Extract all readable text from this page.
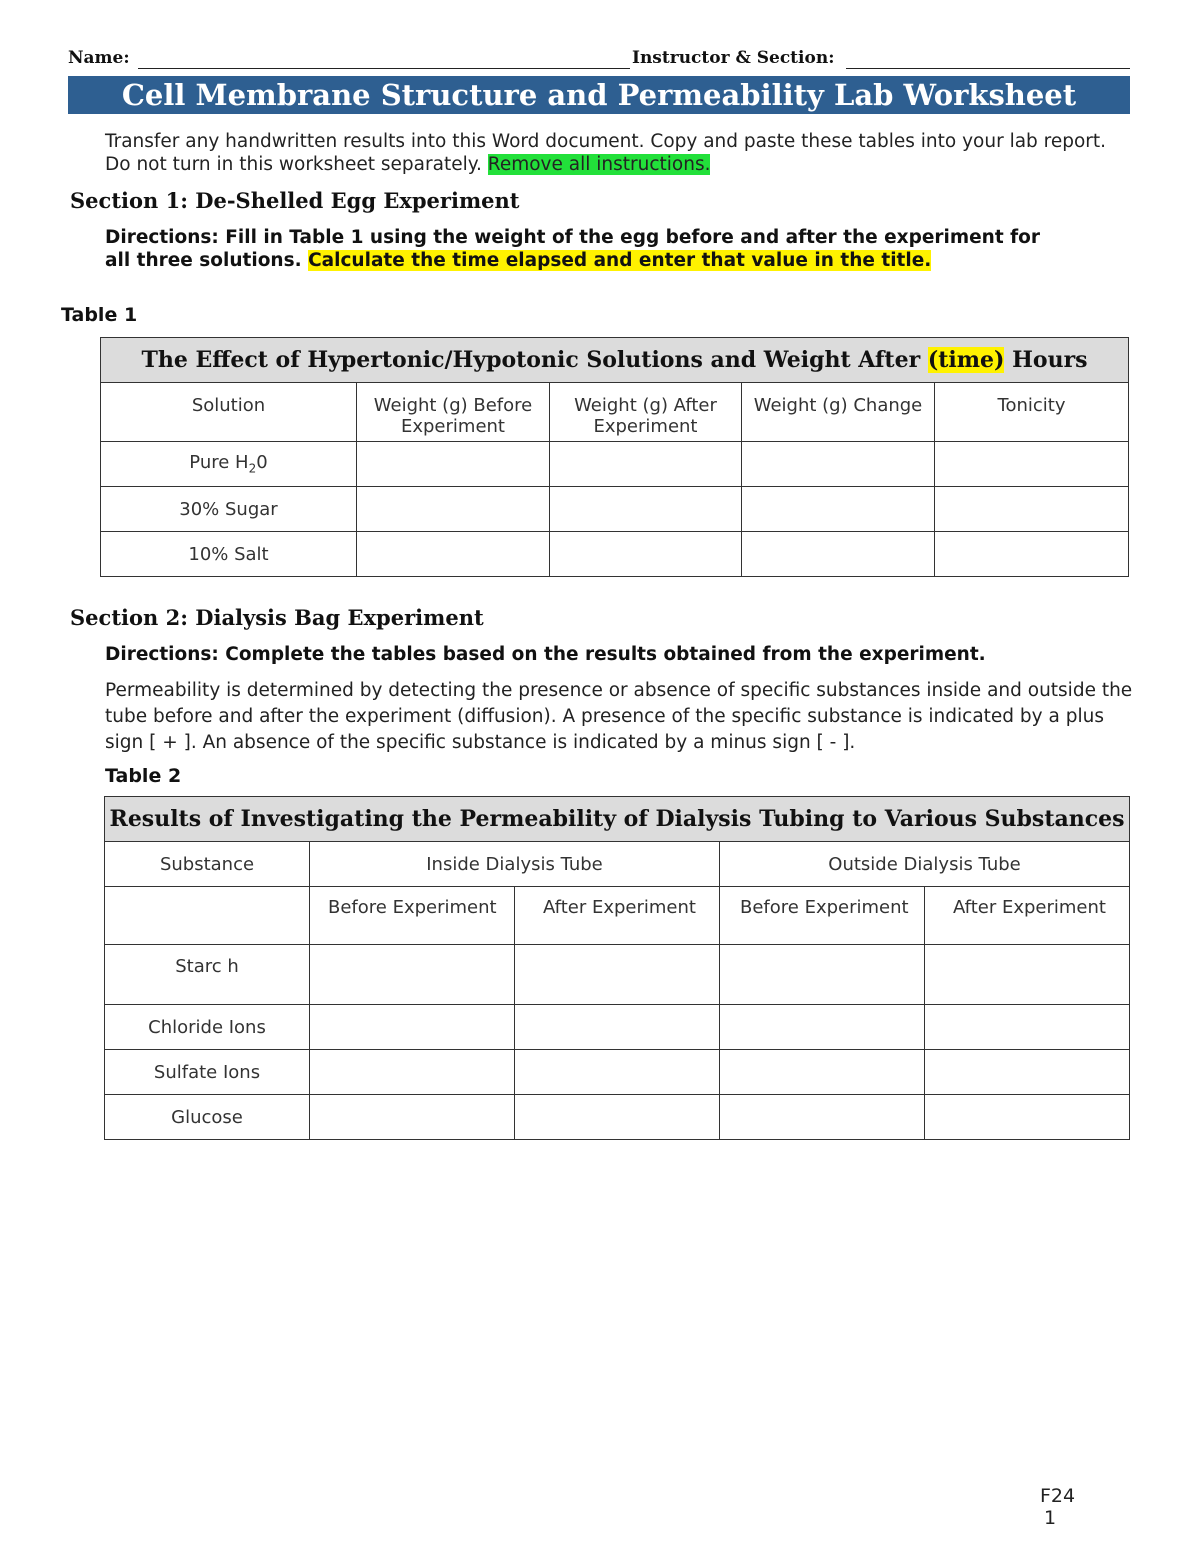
Name:	Instructor & Section:
Cell Membrane Structure and Permeability Lab Worksheet
Transfer any handwritten results into this Word document. Copy and paste these tables into your lab report. Do not turn in this worksheet separately. Remove all instructions.
Section 1: De-Shelled Egg Experiment
Directions: Fill in Table 1 using the weight of the egg before and after the experiment for all three solutions. Calculate the time elapsed and enter that value in the title.
Table 1
The Effect of Hypertonic/Hypotonic Solutions and Weight After (time) Hours				
Solution	Weight (g) Before Experiment	Weight (g) After Experiment	Weight (g) Change	Tonicity
Pure $H_20$				
30% Sugar				
10% Salt				
Section 2: Dialysis Bag Experiment
Directions: Complete the tables based on the results obtained from the experiment.
Permeability is determined by detecting the presence or absence of specific substances inside and outside the tube before and after the experiment (diffusion). A presence of the specific substance is indicated by a plus sign [ + ]. An absence of the specific substance is indicated by a minus sign [ - ].
Table 2
Results of Investigating the Permeability of Dialysis Tubing to Various Substances				
Substance	Inside Dialysis Tube		Outside Dialysis Tube	
	Before Experiment	After Experiment	Before Experiment	After Experiment
Starc h				
Chloride Ions				
Sulfate Ions				
Glucose				
F24
1
